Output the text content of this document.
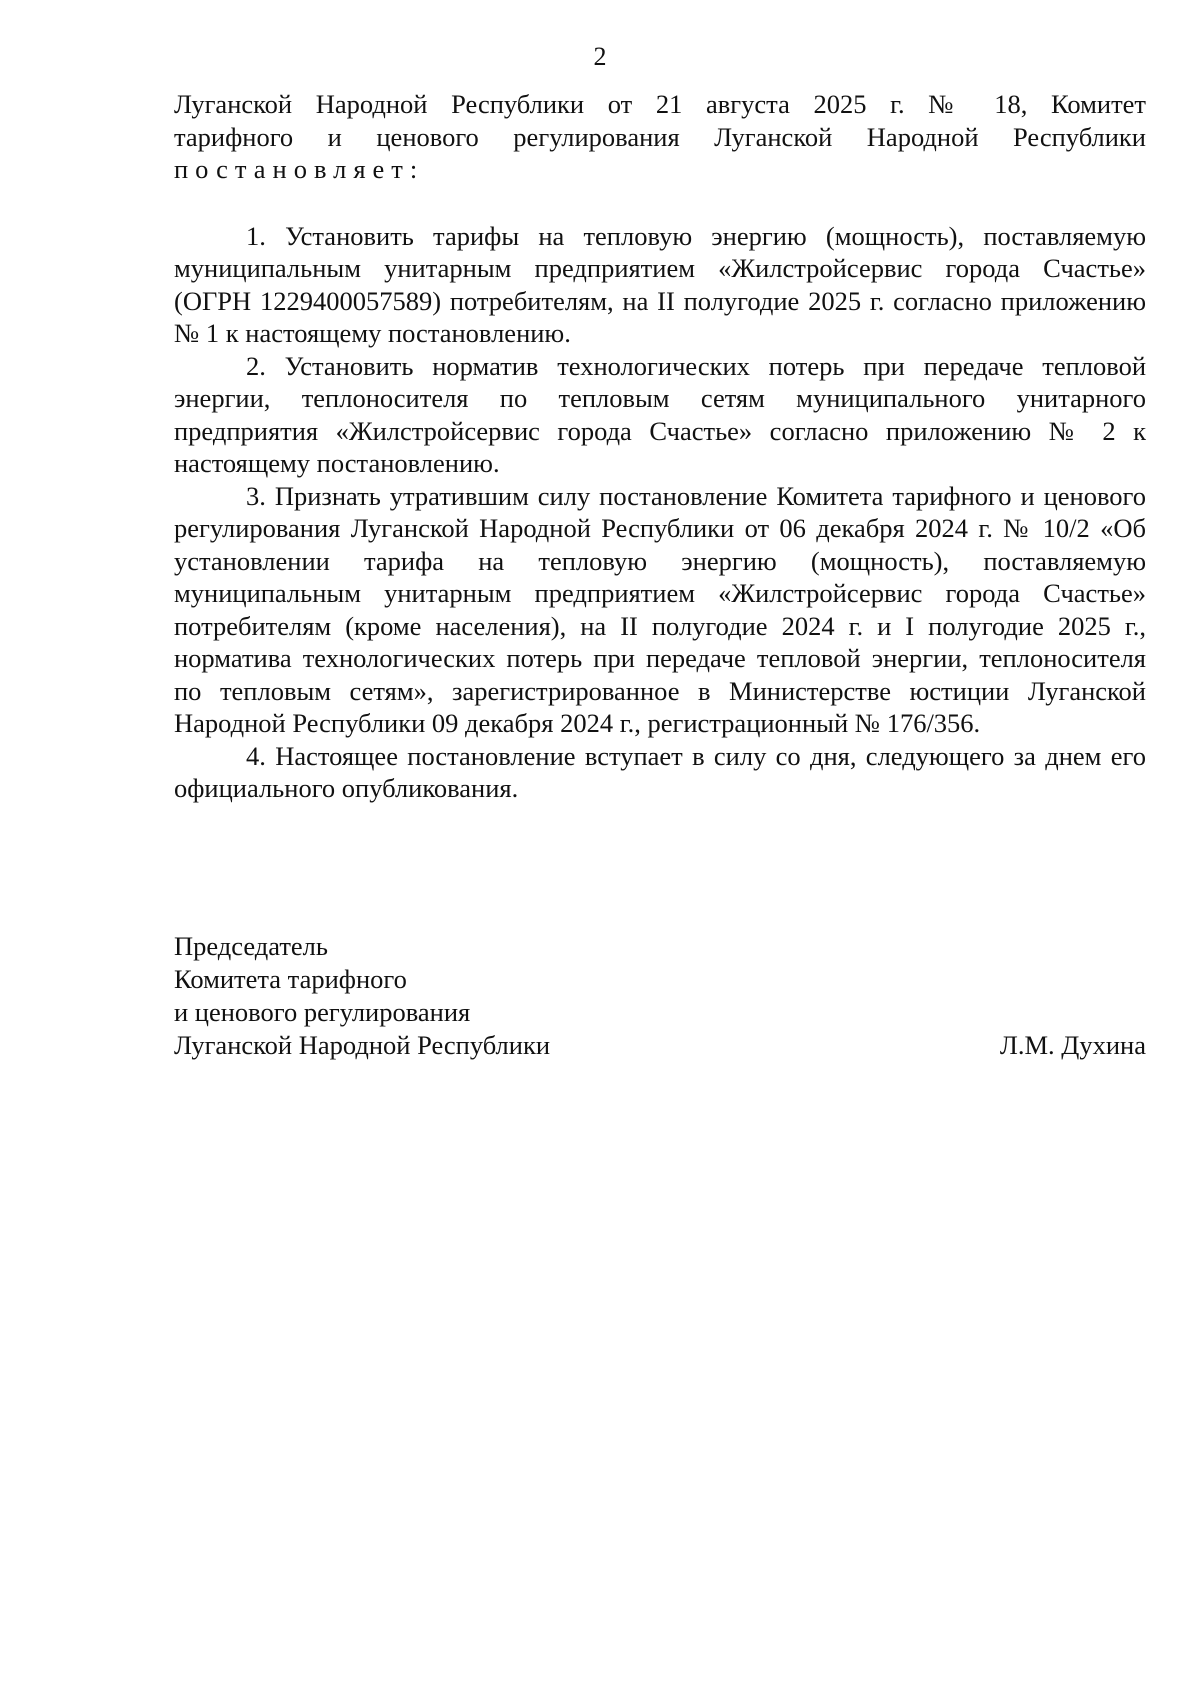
2

Луганской Народной Республики от 21 августа 2025 г. № 18, Комитет
тарифного и ценового регулирования Луганской Народной Республики
постановляет:

1. Установить тарифы на тепловую энергию (мощность), поставляемую муниципальным унитарным предприятием «Жилстройсервис города Счастье» (ОГРН 1229400057589) потребителям, на II полугодие 2025 г. согласно приложению № 1 к настоящему постановлению.

2. Установить норматив технологических потерь при передаче тепловой энергии, теплоносителя по тепловым сетям муниципального унитарного предприятия «Жилстройсервис города Счастье» согласно приложению № 2 к настоящему постановлению.

3. Признать утратившим силу постановление Комитета тарифного и ценового регулирования Луганской Народной Республики от 06 декабря 2024 г. № 10/2 «Об установлении тарифа на тепловую энергию (мощность), поставляемую муниципальным унитарным предприятием «Жилстройсервис города Счастье» потребителям (кроме населения), на II полугодие 2024 г. и I полугодие 2025 г., норматива технологических потерь при передаче тепловой энергии, теплоносителя по тепловым сетям», зарегистрированное в Министерстве юстиции Луганской Народной Республики 09 декабря 2024 г., регистрационный № 176/356.

4. Настоящее постановление вступает в силу со дня, следующего за днем его официального опубликования.

Председатель
Комитета тарифного
и ценового регулирования
Луганской Народной Республики	Л.М. Духина
